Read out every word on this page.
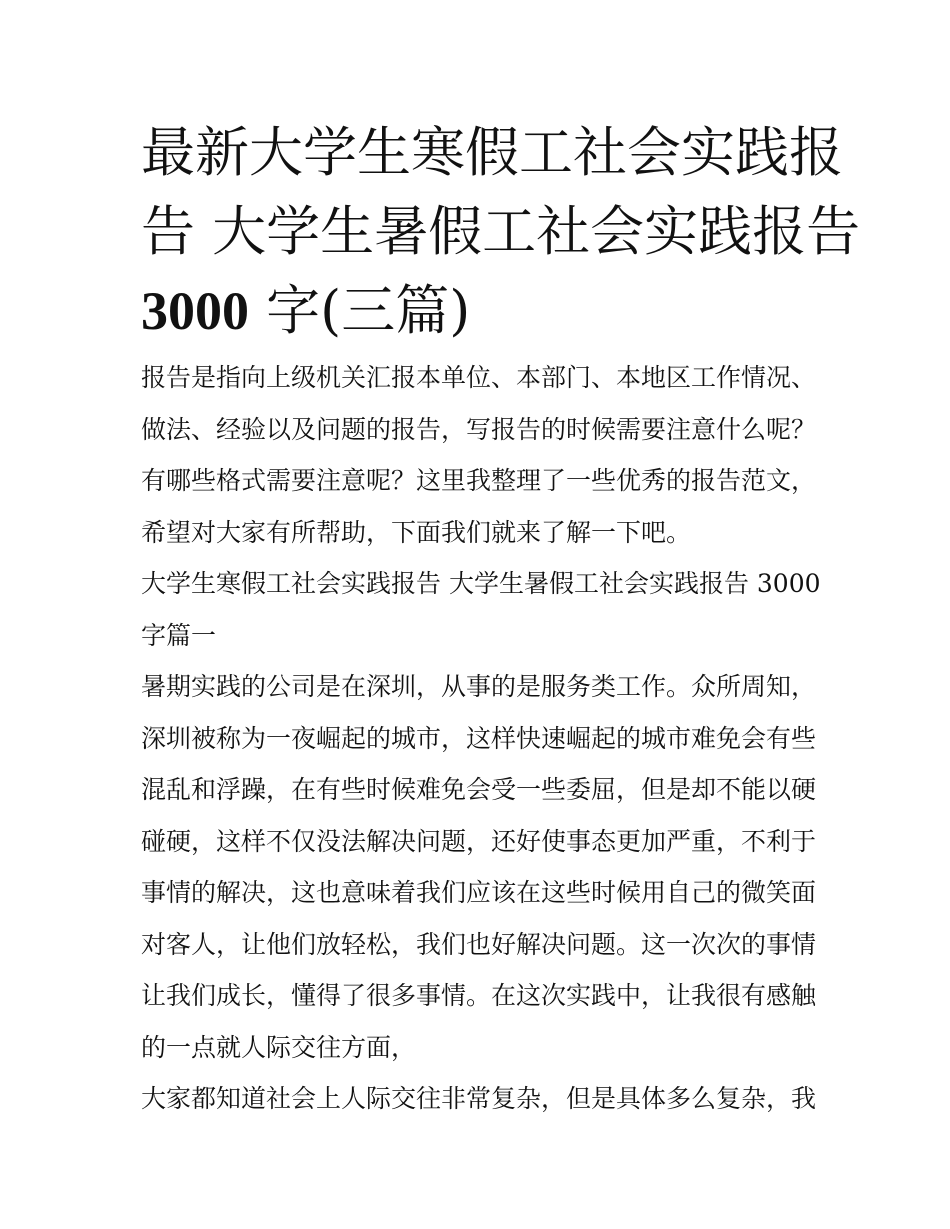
最新大学生寒假工社会实践报
告 大学生暑假工社会实践报告
3000 字(三篇)
报告是指向上级机关汇报本单位、本部门、本地区工作情况、
做法、经验以及问题的报告，写报告的时候需要注意什么呢？
有哪些格式需要注意呢？这里我整理了一些优秀的报告范文，
希望对大家有所帮助，下面我们就来了解一下吧。
大学生寒假工社会实践报告 大学生暑假工社会实践报告 3000
字篇一
暑期实践的公司是在深圳，从事的是服务类工作。众所周知，
深圳被称为一夜崛起的城市，这样快速崛起的城市难免会有些
混乱和浮躁，在有些时候难免会受一些委屈，但是却不能以硬
碰硬，这样不仅没法解决问题，还好使事态更加严重，不利于
事情的解决，这也意味着我们应该在这些时候用自己的微笑面
对客人，让他们放轻松，我们也好解决问题。这一次次的事情
让我们成长，懂得了很多事情。在这次实践中，让我很有感触
的一点就人际交往方面，
大家都知道社会上人际交往非常复杂，但是具体多么复杂，我
